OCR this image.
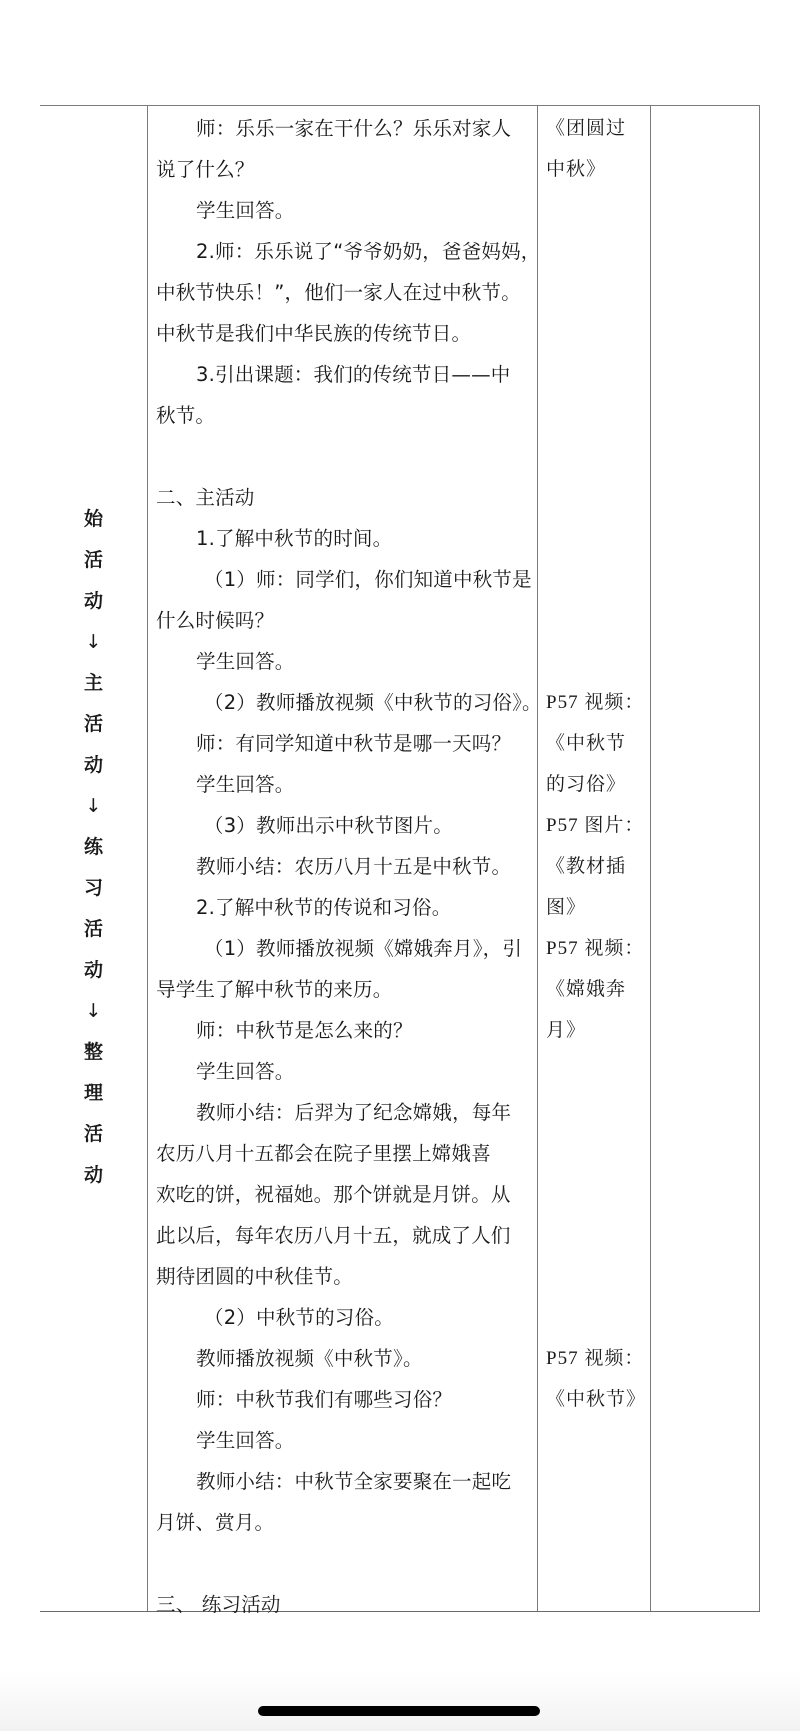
始
活
动
↓
主
活
动
↓
练
习
活
动
↓
整
理
活
动
师：乐乐一家在干什么？乐乐对家人
说了什么？
学生回答。
2.师：乐乐说了“爷爷奶奶，爸爸妈妈，
中秋节快乐！”，他们一家人在过中秋节。
中秋节是我们中华民族的传统节日。
3.引出课题：我们的传统节日——中
秋节。
二、主活动
1.了解中秋节的时间。
（1）师：同学们，你们知道中秋节是
什么时候吗？
学生回答。
（2）教师播放视频《中秋节的习俗》。
师：有同学知道中秋节是哪一天吗？
学生回答。
（3）教师出示中秋节图片。
教师小结：农历八月十五是中秋节。
2.了解中秋节的传说和习俗。
（1）教师播放视频《嫦娥奔月》，引
导学生了解中秋节的来历。
师：中秋节是怎么来的？
学生回答。
教师小结：后羿为了纪念嫦娥，每年
农历八月十五都会在院子里摆上嫦娥喜
欢吃的饼，祝福她。那个饼就是月饼。从
此以后，每年农历八月十五，就成了人们
期待团圆的中秋佳节。
（2）中秋节的习俗。
教师播放视频《中秋节》。
师：中秋节我们有哪些习俗？
学生回答。
教师小结：中秋节全家要聚在一起吃
月饼、赏月。
三、 练习活动
《团圆过
中秋》
P57 视频：
《中秋节
的习俗》
P57 图片：
《教材插
图》
P57 视频：
《嫦娥奔
月》
P57 视频：
《中秋节》
